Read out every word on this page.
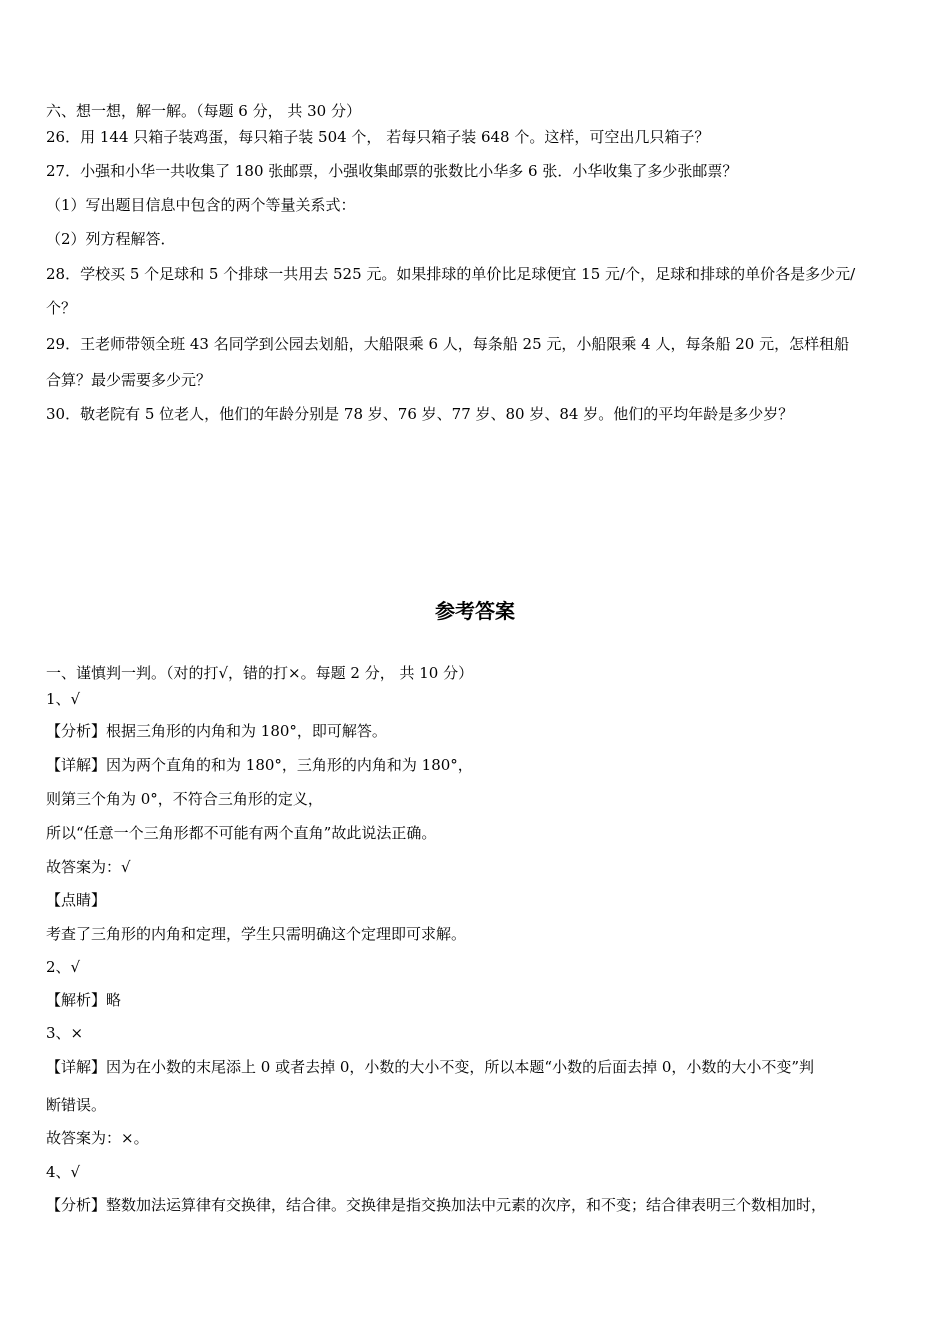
六、想一想，解一解。（每题 6 分， 共 30 分）
26．用 144 只箱子装鸡蛋，每只箱子装 504 个， 若每只箱子装 648 个。这样，可空出几只箱子？
27．小强和小华一共收集了 180 张邮票，小强收集邮票的张数比小华多 6 张．小华收集了多少张邮票？
（1）写出题目信息中包含的两个等量关系式：
（2）列方程解答．
28．学校买 5 个足球和 5 个排球一共用去 525 元。如果排球的单价比足球便宜 15 元/个，足球和排球的单价各是多少元/
个？
29．王老师带领全班 43 名同学到公园去划船，大船限乘 6 人，每条船 25 元，小船限乘 4 人，每条船 20 元，怎样租船
合算？最少需要多少元？
30．敬老院有 5 位老人，他们的年龄分别是 78 岁、76 岁、77 岁、80 岁、84 岁。他们的平均年龄是多少岁？
参考答案
一、谨慎判一判。（对的打√，错的打×。每题 2 分， 共 10 分）
1、√
【分析】根据三角形的内角和为 180°，即可解答。
【详解】因为两个直角的和为 180°，三角形的内角和为 180°，
则第三个角为 0°，不符合三角形的定义，
所以“任意一个三角形都不可能有两个直角”故此说法正确。
故答案为：√
【点睛】
考查了三角形的内角和定理，学生只需明确这个定理即可求解。
2、√
【解析】略
3、×
【详解】因为在小数的末尾添上 0 或者去掉 0，小数的大小不变，所以本题“小数的后面去掉 0，小数的大小不变”判
断错误。
故答案为：×。
4、√
【分析】整数加法运算律有交换律，结合律。交换律是指交换加法中元素的次序，和不变；结合律表明三个数相加时，
